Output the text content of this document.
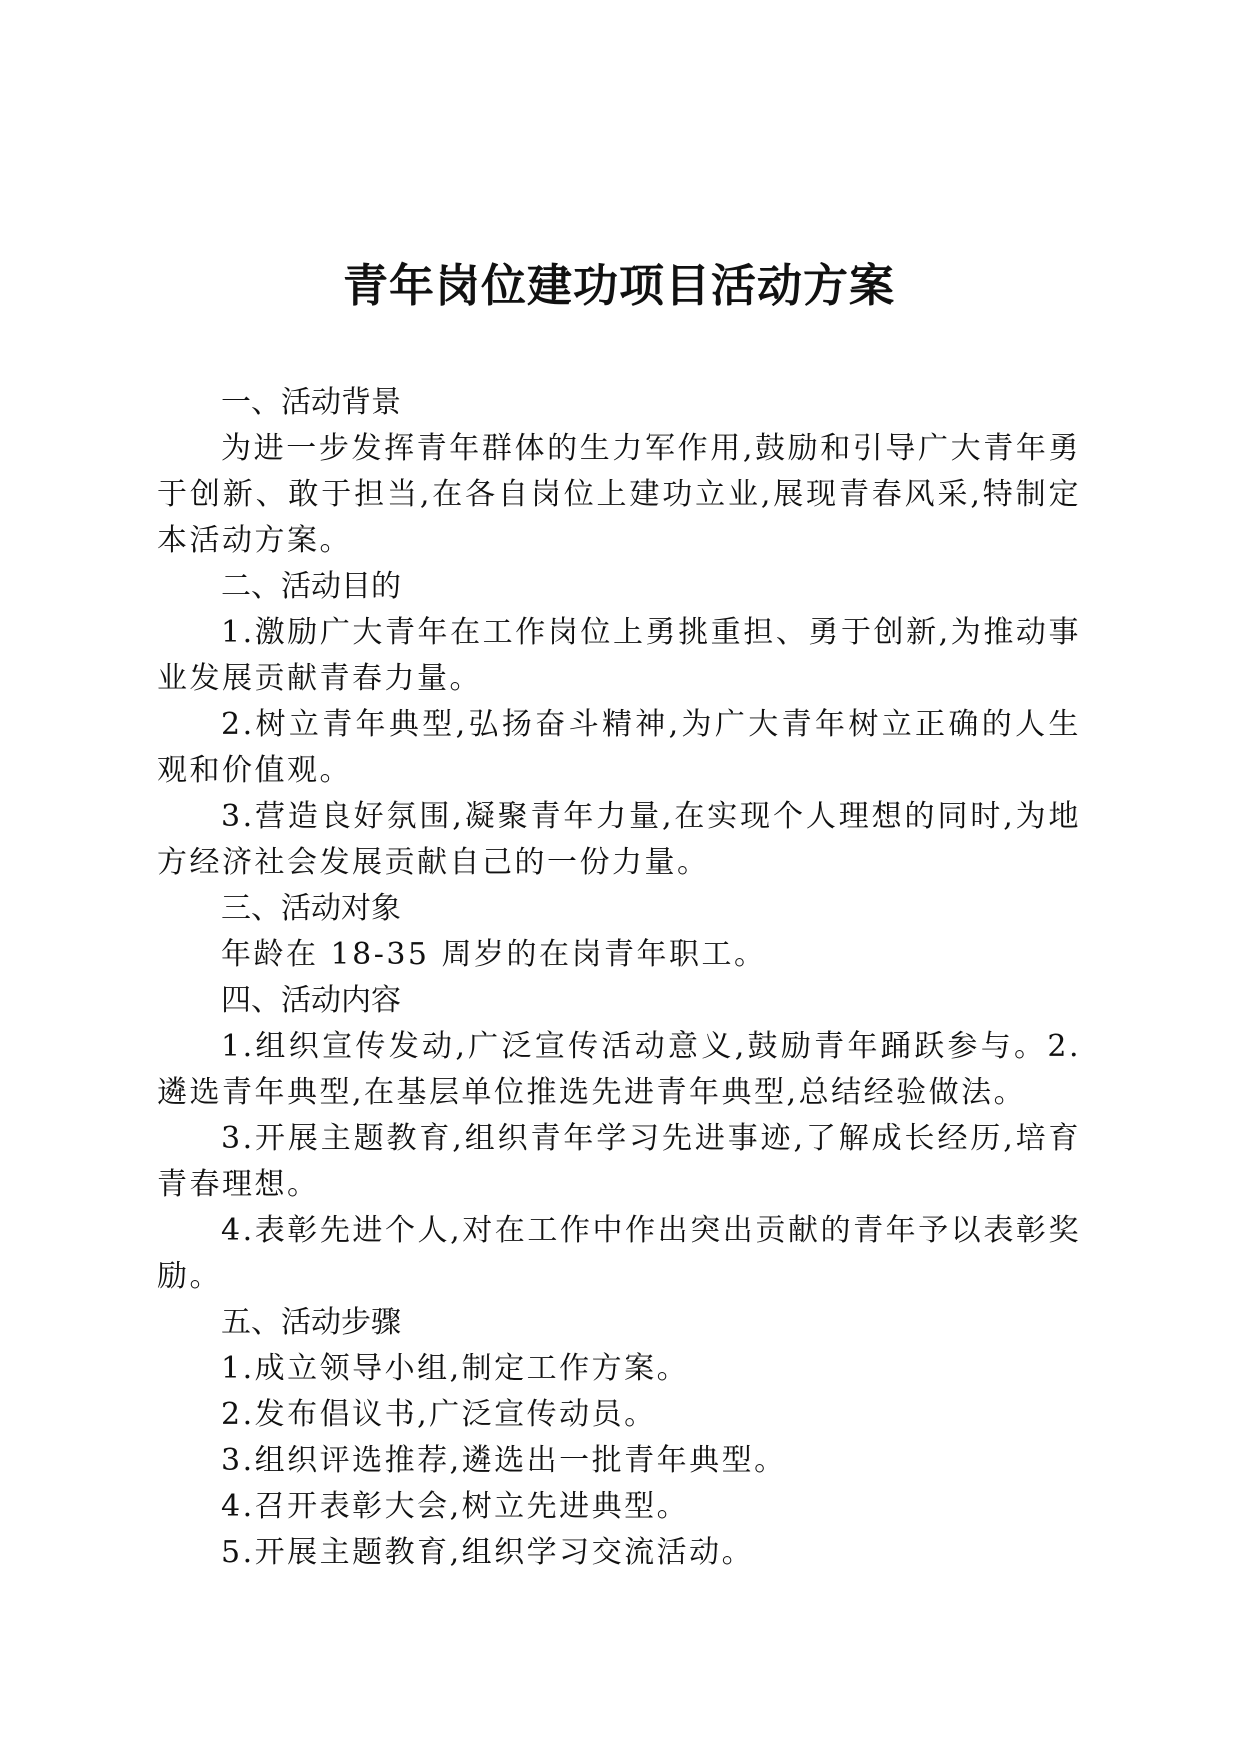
青年岗位建功项目活动方案

一、活动背景

为进一步发挥青年群体的生力军作用,鼓励和引导广大青年勇于创新、敢于担当,在各自岗位上建功立业,展现青春风采,特制定本活动方案。

二、活动目的

1.激励广大青年在工作岗位上勇挑重担、勇于创新,为推动事业发展贡献青春力量。

2.树立青年典型,弘扬奋斗精神,为广大青年树立正确的人生观和价值观。

3.营造良好氛围,凝聚青年力量,在实现个人理想的同时,为地方经济社会发展贡献自己的一份力量。

三、活动对象

年龄在 18-35 周岁的在岗青年职工。

四、活动内容

1.组织宣传发动,广泛宣传活动意义,鼓励青年踊跃参与。2.遴选青年典型,在基层单位推选先进青年典型,总结经验做法。

3.开展主题教育,组织青年学习先进事迹,了解成长经历,培育青春理想。

4.表彰先进个人,对在工作中作出突出贡献的青年予以表彰奖励。

五、活动步骤

1.成立领导小组,制定工作方案。

2.发布倡议书,广泛宣传动员。

3.组织评选推荐,遴选出一批青年典型。

4.召开表彰大会,树立先进典型。

5.开展主题教育,组织学习交流活动。
